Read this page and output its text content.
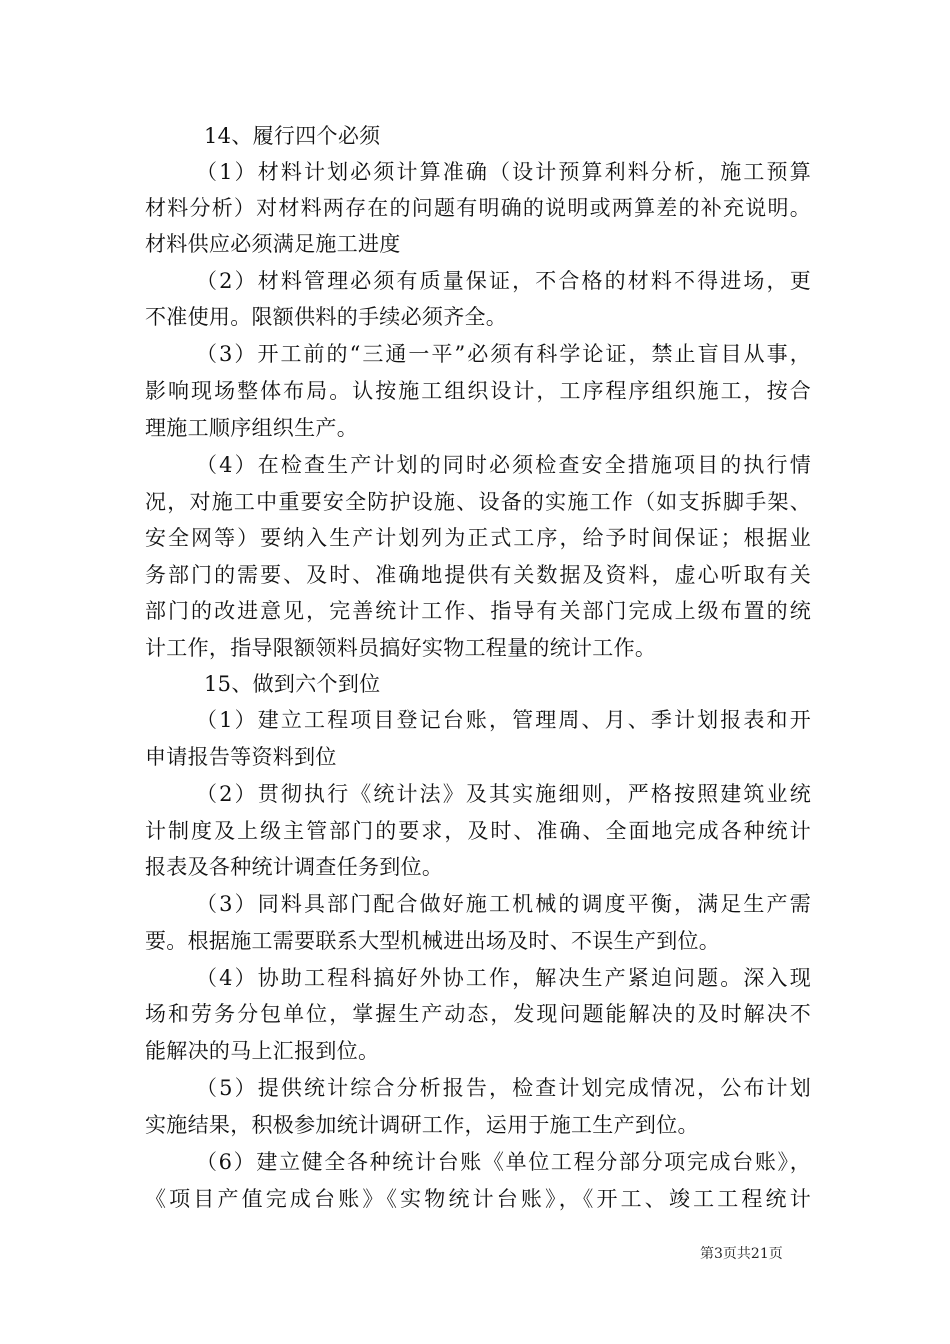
14、履行四个必须
（1）材料计划必须计算准确（设计预算利料分析，施工预算
材料分析）对材料两存在的问题有明确的说明或两算差的补充说明。
材料供应必须满足施工进度
（2）材料管理必须有质量保证，不合格的材料不得进场，更
不准使用。限额供料的手续必须齐全。
（3）开工前的“三通一平”必须有科学论证，禁止盲目从事，
影响现场整体布局。认按施工组织设计，工序程序组织施工，按合
理施工顺序组织生产。
（4）在检查生产计划的同时必须检查安全措施项目的执行情
况，对施工中重要安全防护设施、设备的实施工作（如支拆脚手架、
安全网等）要纳入生产计划列为正式工序，给予时间保证；根据业
务部门的需要、及时、准确地提供有关数据及资料，虚心听取有关
部门的改进意见，完善统计工作、指导有关部门完成上级布置的统
计工作，指导限额领料员搞好实物工程量的统计工作。
15、做到六个到位
（1）建立工程项目登记台账，管理周、月、季计划报表和开
申请报告等资料到位
（2）贯彻执行《统计法》及其实施细则，严格按照建筑业统
计制度及上级主管部门的要求，及时、准确、全面地完成各种统计
报表及各种统计调查任务到位。
（3）同料具部门配合做好施工机械的调度平衡，满足生产需
要。根据施工需要联系大型机械进出场及时、不误生产到位。
（4）协助工程科搞好外协工作，解决生产紧迫问题。深入现
场和劳务分包单位，掌握生产动态，发现问题能解决的及时解决不
能解决的马上汇报到位。
（5）提供统计综合分析报告，检查计划完成情况，公布计划
实施结果，积极参加统计调研工作，运用于施工生产到位。
（6）建立健全各种统计台账《单位工程分部分项完成台账》，
《项目产值完成台账》《实物统计台账》，《开工、竣工工程统计
第3页共21页
